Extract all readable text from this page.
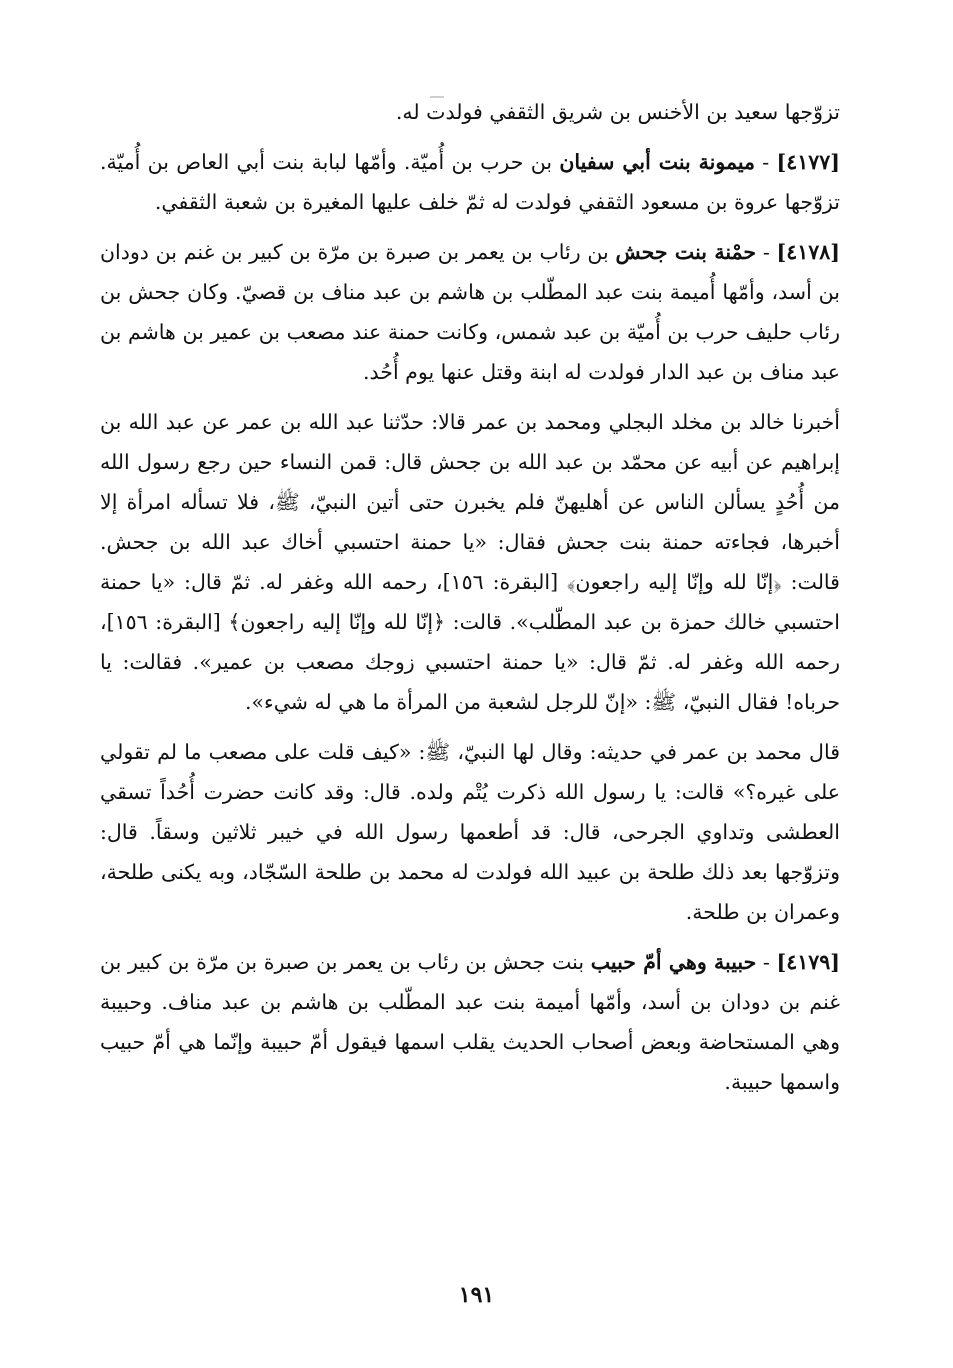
تزوّجها سعيد بن الأخنس بن شريق الثقفي فولدت له.

[٤١٧٧] - ميمونة بنت أبي سفيان بن حرب بن أُميّة. وأمّها لبابة بنت أبي العاص بن أُميّة. تزوّجها عروة بن مسعود الثقفي فولدت له ثمّ خلف عليها المغيرة بن شعبة الثقفي.

[٤١٧٨] - حمْنة بنت جحش بن رئاب بن يعمر بن صبرة بن مرّة بن كبير بن غنم بن دودان بن أسد، وأمّها أُميمة بنت عبد المطّلب بن هاشم بن عبد مناف بن قصيّ. وكان جحش بن رئاب حليف حرب بن أُميّة بن عبد شمس، وكانت حمنة عند مصعب بن عمير بن هاشم بن عبد مناف بن عبد الدار فولدت له ابنة وقتل عنها يوم أُحُد.

أخبرنا خالد بن مخلد البجلي ومحمد بن عمر قالا: حدّثنا عبد الله بن عمر عن عبد الله بن إبراهيم عن أبيه عن محمّد بن عبد الله بن جحش قال: قمن النساء حين رجع رسول الله من أُحُدٍ يسألن الناس عن أهليهنّ فلم يخبرن حتى أتين النبيّ، ﷺ، فلا تسأله امرأة إلا أخبرها، فجاءته حمنة بنت جحش فقال: «يا حمنة احتسبي أخاك عبد الله بن جحش. قالت: ﴿إنّا لله وإنّا إليه راجعون﴾ [البقرة: ١٥٦]، رحمه الله وغفر له. ثمّ قال: «يا حمنة احتسبي خالك حمزة بن عبد المطّلب». قالت: ﴿إنّا لله وإنّا إليه راجعون﴾ [البقرة: ١٥٦]، رحمه الله وغفر له. ثمّ قال: «يا حمنة احتسبي زوجك مصعب بن عمير». فقالت: يا حرباه! فقال النبيّ، ﷺ: «إنّ للرجل لشعبة من المرأة ما هي له شيء».

قال محمد بن عمر في حديثه: وقال لها النبيّ، ﷺ: «كيف قلت على مصعب ما لم تقولي على غيره؟» قالت: يا رسول الله ذكرت يُتْم ولده. قال: وقد كانت حضرت أُحُداً تسقي العطشى وتداوي الجرحى، قال: قد أطعمها رسول الله في خيبر ثلاثين وسقاً. قال: وتزوّجها بعد ذلك طلحة بن عبيد الله فولدت له محمد بن طلحة السّجّاد، وبه يكنى طلحة، وعمران بن طلحة.

[٤١٧٩] - حبيبة وهي أمّ حبيب بنت جحش بن رئاب بن يعمر بن صبرة بن مرّة بن كبير بن غنم بن دودان بن أسد، وأمّها أميمة بنت عبد المطّلب بن هاشم بن عبد مناف. وحبيبة وهي المستحاضة وبعض أصحاب الحديث يقلب اسمها فيقول أمّ حبيبة وإنّما هي أمّ حبيب واسمها حبيبة.

١٩١
